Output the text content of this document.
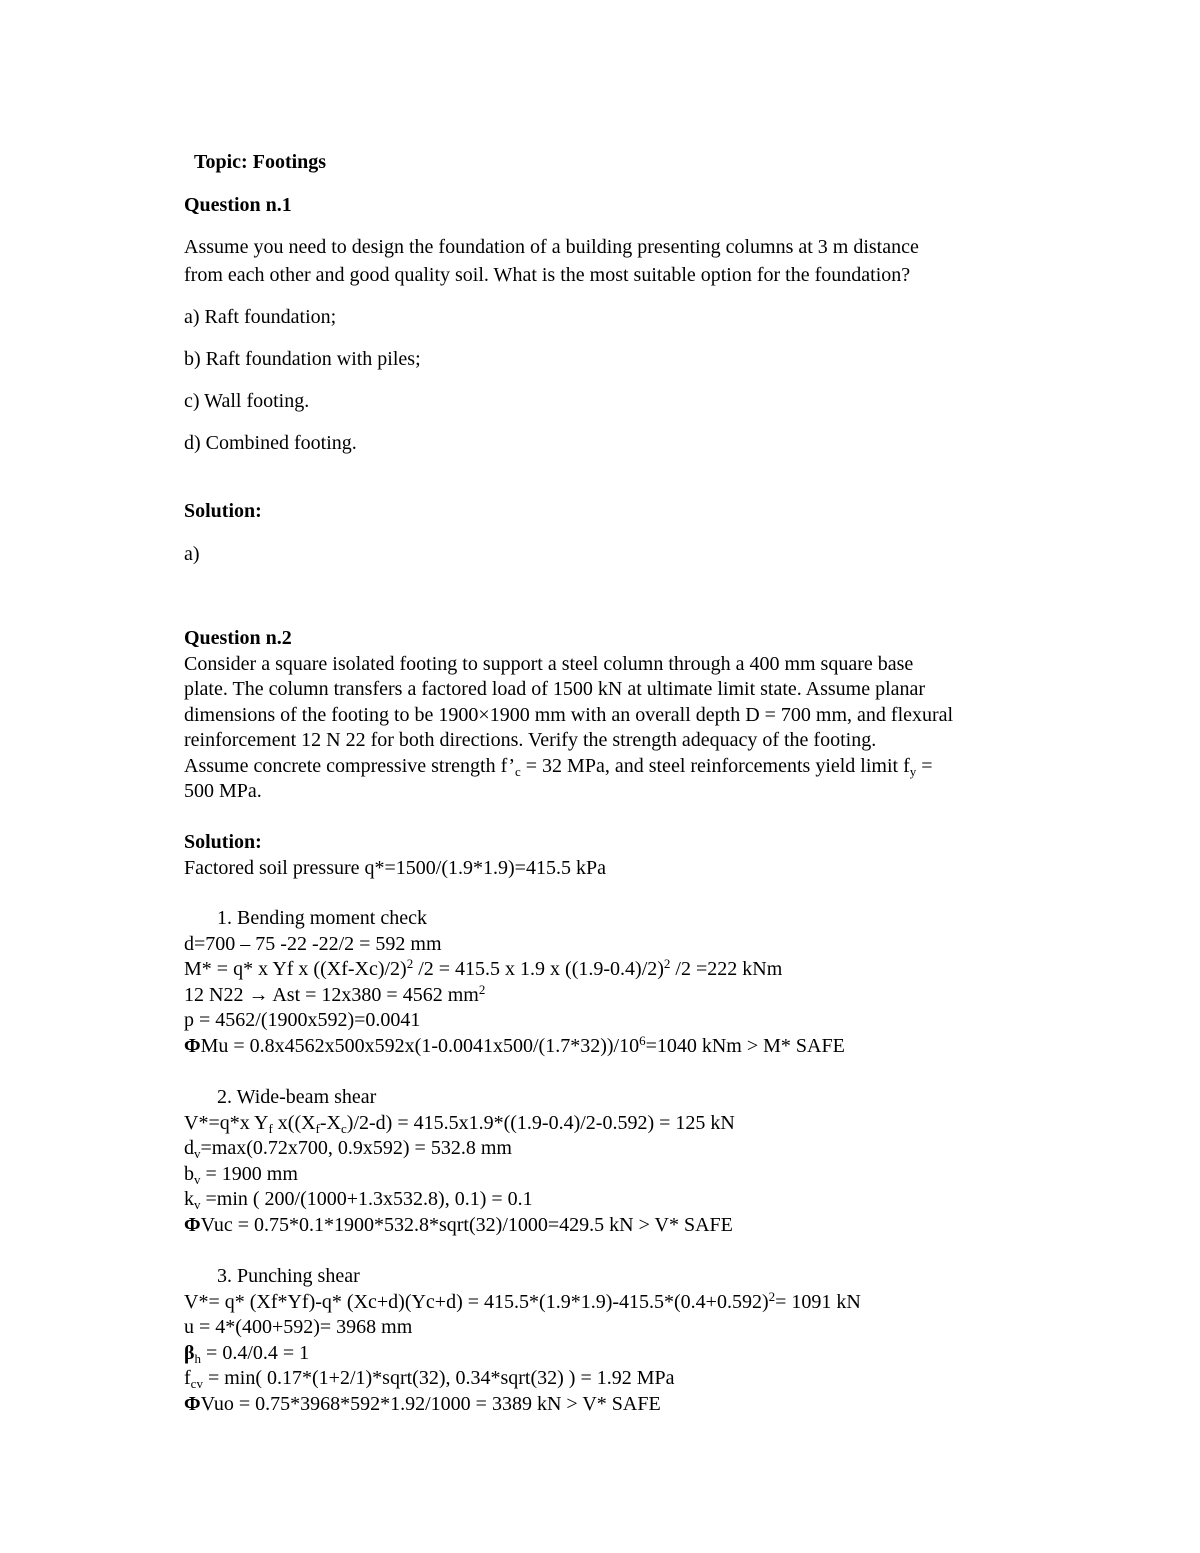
Topic: Footings
Question n.1
Assume you need to design the foundation of a building presenting columns at 3 m distance
from each other and good quality soil. What is the most suitable option for the foundation?
a) Raft foundation;
b) Raft foundation with piles;
c) Wall footing.
d) Combined footing.
Solution:
a)
Question n.2
Consider a square isolated footing to support a steel column through a 400 mm square base
plate. The column transfers a factored load of 1500 kN at ultimate limit state. Assume planar
dimensions of the footing to be 1900×1900 mm with an overall depth D = 700 mm, and flexural
reinforcement 12 N 22 for both directions. Verify the strength adequacy of the footing.
Assume concrete compressive strength $f’_c = 32$ MPa, and steel reinforcements yield limit $f_y$ =
500 MPa.
Solution:
Factored soil pressure q*=1500/(1.9*1.9)=415.5 kPa
1. Bending moment check
d=700 – 75 -22 -22/2 = 592 mm
M* = q* x Yf x $((Xf-Xc)/2)^2$ /2 = 415.5 x 1.9 x $((1.9-0.4)/2)^2$ /2 =222 kNm
12 N22 → Ast = 12x380 = 4562 $mm^2$
p = 4562/(1900x592)=0.0041
$\Phi Mu = 0.8x4562x500x592x(1-0.0041x500/(1.7*32))/10^6=1040$ kNm > M* SAFE
2. Wide-beam shear
V*=q*x $Y_f$ $x((X_f-X_c)/2-d) = 415.5x1.9*((1.9-0.4)/2-0.592) = 125$ kN
$d_v=\max(0.72x700$, 0.9x592) = 532.8 mm
$b_v = 1900$ mm
$k_v =\min$ ( 200/(1000+1.3x532.8), 0.1) = 0.1
ΦVuc = 0.75*0.1*1900*532.8*sqrt(32)/1000=429.5 kN > V* SAFE
3. Punching shear
V*= q* (Xf*Yf)-q* $(Xc+d)(Yc+d) = 415.5*(1.9*1.9)-415.5*(0.4+0.592)^2= 1091$ kN
u = 4*(400+592)= 3968 mm
$\beta_h = 0.4/0.4 = 1$
$f_{cv} = \min$( 0.17*(1+2/1)*sqrt(32), 0.34*sqrt(32) ) = 1.92 MPa
ΦVuo = 0.75*3968*592*1.92/1000 = 3389 kN > V* SAFE
